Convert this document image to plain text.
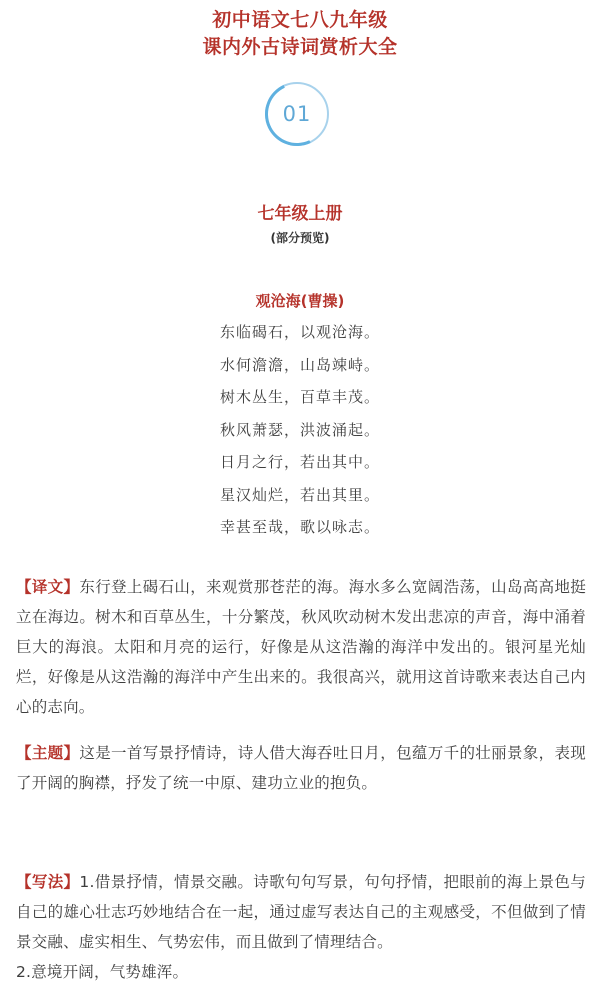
初中语文七八九年级
课内外古诗词赏析大全
01
七年级上册
(部分预览)
观沧海(曹操)
东临碣石，以观沧海。
水何澹澹，山岛竦峙。
树木丛生，百草丰茂。
秋风萧瑟，洪波涌起。
日月之行，若出其中。
星汉灿烂，若出其里。
幸甚至哉，歌以咏志。
【译文】东行登上碣石山，来观赏那苍茫的海。海水多么宽阔浩荡，山岛高高地挺立在海边。树木和百草丛生，十分繁茂，秋风吹动树木发出悲凉的声音，海中涌着巨大的海浪。太阳和月亮的运行，好像是从这浩瀚的海洋中发出的。银河星光灿烂，好像是从这浩瀚的海洋中产生出来的。我很高兴，就用这首诗歌来表达自己内心的志向。
【主题】这是一首写景抒情诗，诗人借大海吞吐日月，包蕴万千的壮丽景象，表现了开阔的胸襟，抒发了统一中原、建功立业的抱负。
【写法】1.借景抒情，情景交融。诗歌句句写景，句句抒情，把眼前的海上景色与自己的雄心壮志巧妙地结合在一起，通过虚写表达自己的主观感受，不但做到了情景交融、虚实相生、气势宏伟，而且做到了情理结合。
2.意境开阔，气势雄浑。
